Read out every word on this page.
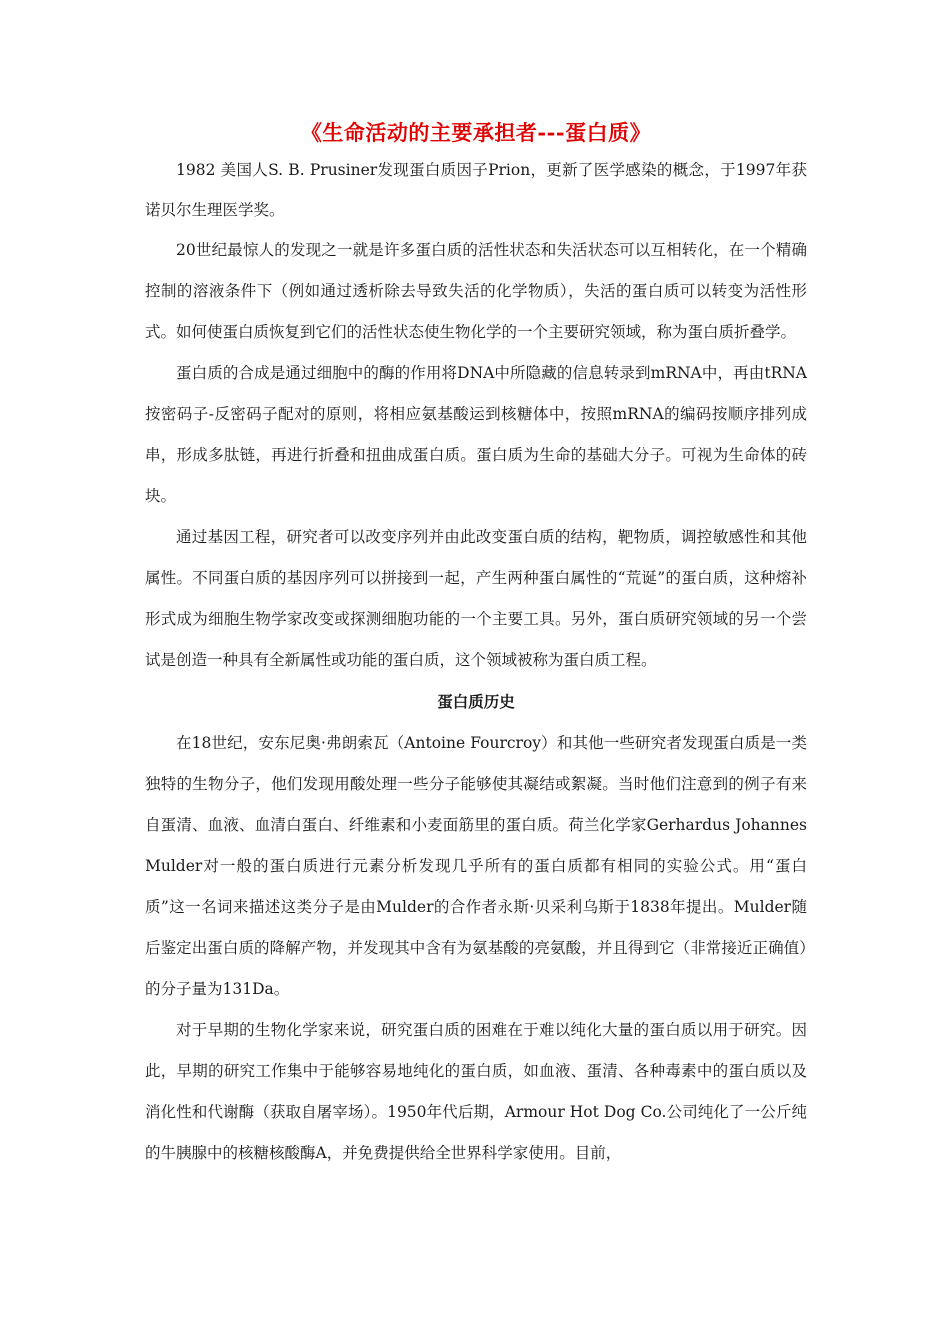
《生命活动的主要承担者---蛋白质》

1982 美国人S. B. Prusiner发现蛋白质因子Prion，更新了医学感染的概念，于1997年获诺贝尔生理医学奖。

20世纪最惊人的发现之一就是许多蛋白质的活性状态和失活状态可以互相转化，在一个精确控制的溶液条件下（例如通过透析除去导致失活的化学物质），失活的蛋白质可以转变为活性形式。如何使蛋白质恢复到它们的活性状态使生物化学的一个主要研究领域，称为蛋白质折叠学。

蛋白质的合成是通过细胞中的酶的作用将DNA中所隐藏的信息转录到mRNA中，再由tRNA按密码子-反密码子配对的原则，将相应氨基酸运到核糖体中，按照mRNA的编码按顺序排列成串，形成多肽链，再进行折叠和扭曲成蛋白质。蛋白质为生命的基础大分子。可视为生命体的砖块。

通过基因工程，研究者可以改变序列并由此改变蛋白质的结构，靶物质，调控敏感性和其他属性。不同蛋白质的基因序列可以拼接到一起，产生两种蛋白属性的“荒诞”的蛋白质，这种熔补形式成为细胞生物学家改变或探测细胞功能的一个主要工具。另外，蛋白质研究领域的另一个尝试是创造一种具有全新属性或功能的蛋白质，这个领域被称为蛋白质工程。

蛋白质历史

在18世纪，安东尼奥·弗朗索瓦（Antoine Fourcroy）和其他一些研究者发现蛋白质是一类独特的生物分子，他们发现用酸处理一些分子能够使其凝结或絮凝。当时他们注意到的例子有来自蛋清、血液、血清白蛋白、纤维素和小麦面筋里的蛋白质。荷兰化学家Gerhardus Johannes Mulder对一般的蛋白质进行元素分析发现几乎所有的蛋白质都有相同的实验公式。用“蛋白质”这一名词来描述这类分子是由Mulder的合作者永斯·贝采利乌斯于1838年提出。Mulder随后鉴定出蛋白质的降解产物，并发现其中含有为氨基酸的亮氨酸，并且得到它（非常接近正确值）的分子量为131Da。

对于早期的生物化学家来说，研究蛋白质的困难在于难以纯化大量的蛋白质以用于研究。因此，早期的研究工作集中于能够容易地纯化的蛋白质，如血液、蛋清、各种毒素中的蛋白质以及消化性和代谢酶（获取自屠宰场）。1950年代后期，Armour Hot Dog Co.公司纯化了一公斤纯的牛胰腺中的核糖核酸酶A，并免费提供给全世界科学家使用。目前，
